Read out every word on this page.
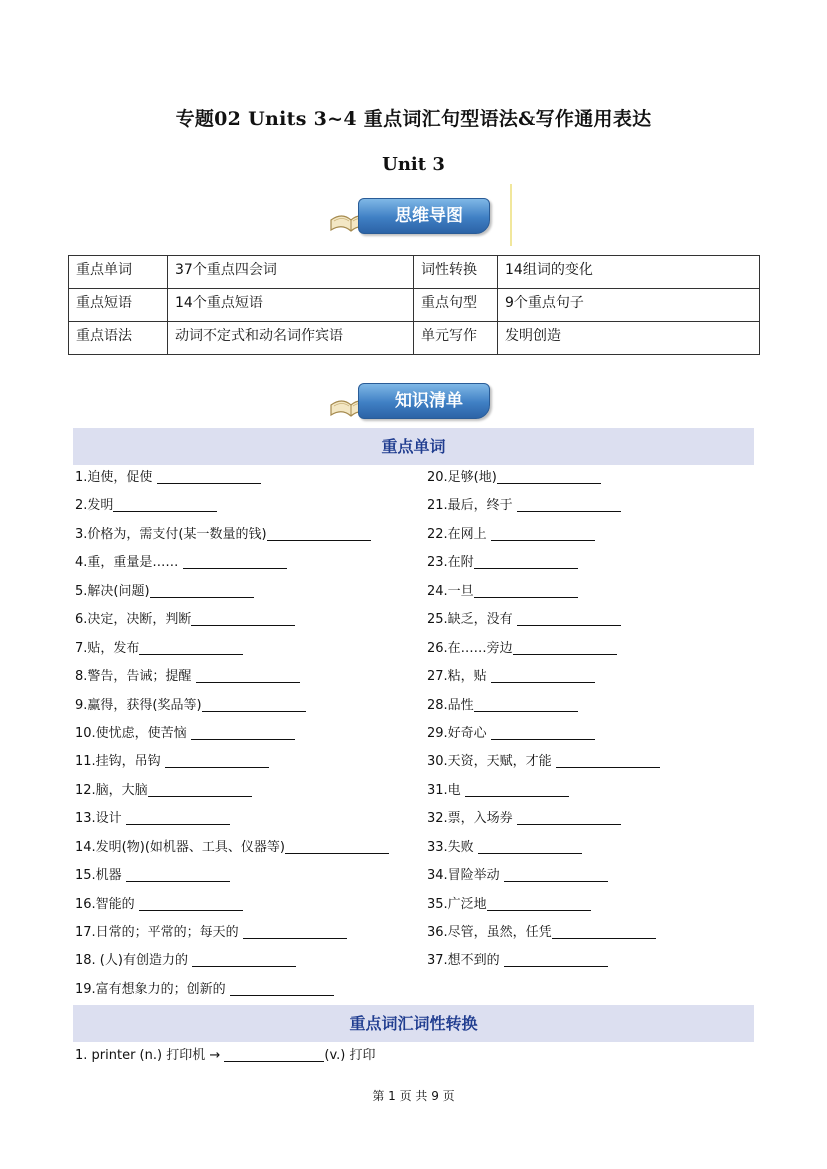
专题02 Units 3~4 重点词汇句型语法&写作通用表达
Unit 3
思维导图
重点单词	37个重点四会词	词性转换	14组词的变化
重点短语	14个重点短语	重点句型	9个重点句子
重点语法	动词不定式和动名词作宾语	单元写作	发明创造
知识清单
重点单词
1.迫使，促使	20.足够(地)
2.发明	21.最后，终于
3.价格为，需支付(某一数量的钱)	22.在网上
4.重，重量是……	23.在附
5.解决(问题)	24.一旦
6.决定，决断，判断	25.缺乏，没有
7.贴，发布	26.在……旁边
8.警告，告诫；提醒	27.粘，贴
9.赢得，获得(奖品等)	28.品性
10.使忧虑，使苦恼	29.好奇心
11.挂钩，吊钩	30.天资，天赋，才能
12.脑，大脑	31.电
13.设计	32.票，入场券
14.发明(物)(如机器、工具、仪器等)	33.失败
15.机器	34.冒险举动
16.智能的	35.广泛地
17.日常的；平常的；每天的	36.尽管，虽然，任凭
18. (人)有创造力的	37.想不到的
19.富有想象力的；创新的
重点词汇词性转换
1. printer (n.) 打印机 →	(v.) 打印
第 1 页 共 9 页
